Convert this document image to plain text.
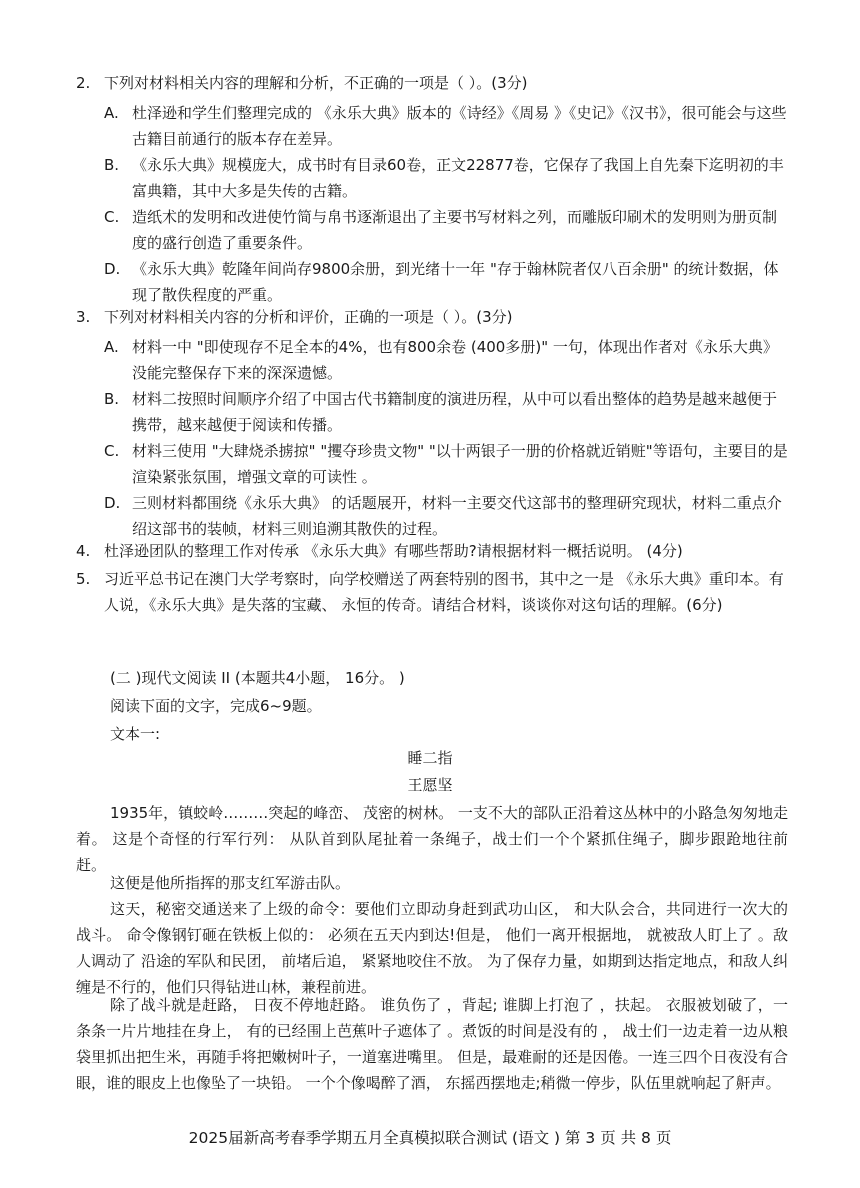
2. 下列对材料相关内容的理解和分析，不正确的一项是（ ）。(3分)
A. 杜泽逊和学生们整理完成的 《永乐大典》版本的《诗经》《周易 》《史记》《汉书》，很可能会与这些古籍目前通行的版本存在差异。
B. 《永乐大典》规模庞大，成书时有目录60卷，正文22877卷，它保存了我国上自先秦下迄明初的丰富典籍，其中大多是失传的古籍。
C. 造纸术的发明和改进使竹简与帛书逐渐退出了主要书写材料之列，而雕版印刷术的发明则为册页制度的盛行创造了重要条件。
D. 《永乐大典》乾隆年间尚存9800余册，到光绪十一年 "存于翰林院者仅八百余册" 的统计数据，体现了散佚程度的严重。
3. 下列对材料相关内容的分析和评价，正确的一项是（ ）。(3分)
A. 材料一中 "即使现存不足全本的4%，也有800余卷 (400多册)" 一句，体现出作者对《永乐大典》没能完整保存下来的深深遗憾。
B. 材料二按照时间顺序介绍了中国古代书籍制度的演进历程，从中可以看出整体的趋势是越来越便于携带，越来越便于阅读和传播。
C. 材料三使用 "大肆烧杀掳掠" "攫夺珍贵文物" "以十两银子一册的价格就近销赃"等语句，主要目的是渲染紧张氛围，增强文章的可读性 。
D. 三则材料都围绕《永乐大典》 的话题展开，材料一主要交代这部书的整理研究现状，材料二重点介绍这部书的装帧，材料三则追溯其散佚的过程。
4. 杜泽逊团队的整理工作对传承 《永乐大典》有哪些帮助?请根据材料一概括说明。 (4分)
5. 习近平总书记在澳门大学考察时，向学校赠送了两套特别的图书，其中之一是 《永乐大典》重印本。有人说，《永乐大典》是失落的宝藏、 永恒的传奇。请结合材料，谈谈你对这句话的理解。(6分)
(二 )现代文阅读 II (本题共4小题， 16分。 )
阅读下面的文字，完成6~9题。
文本一:
睡二指
王愿坚
1935年，镇蛟岭………突起的峰峦、 茂密的树林。 一支不大的部队正沿着这丛林中的小路急匆匆地走着。 这是个奇怪的行军行列： 从队首到队尾扯着一条绳子，战士们一个个紧抓住绳子，脚步跟跄地往前赶。
这便是他所指挥的那支红军游击队。
这天，秘密交通送来了上级的命令：要他们立即动身赶到武功山区， 和大队会合，共同进行一次大的战斗。 命令像钢钉砸在铁板上似的： 必须在五天内到达!但是， 他们一离开根据地， 就被敌人盯上了 。敌人调动了 沿途的军队和民团， 前堵后追， 紧紧地咬住不放。 为了保存力量，如期到达指定地点，和敌人纠缠是不行的，他们只得钻进山林，兼程前进。
除了战斗就是赶路， 日夜不停地赶路。 谁负伤了 ，背起; 谁脚上打泡了 ，扶起。 衣服被划破了，一条条一片片地挂在身上， 有的已经围上芭蕉叶子遮体了 。煮饭的时间是没有的 ， 战士们一边走着一边从粮袋里抓出把生米，再随手将把嫩树叶子，一道塞进嘴里。 但是，最难耐的还是因倦。一连三四个日夜没有合眼，谁的眼皮上也像坠了一块铅。 一个个像喝醉了酒， 东摇西摆地走;稍微一停步，队伍里就响起了鼾声。
2025届新高考春季学期五月全真模拟联合测试 (语文 ) 第 3 页 共 8 页
